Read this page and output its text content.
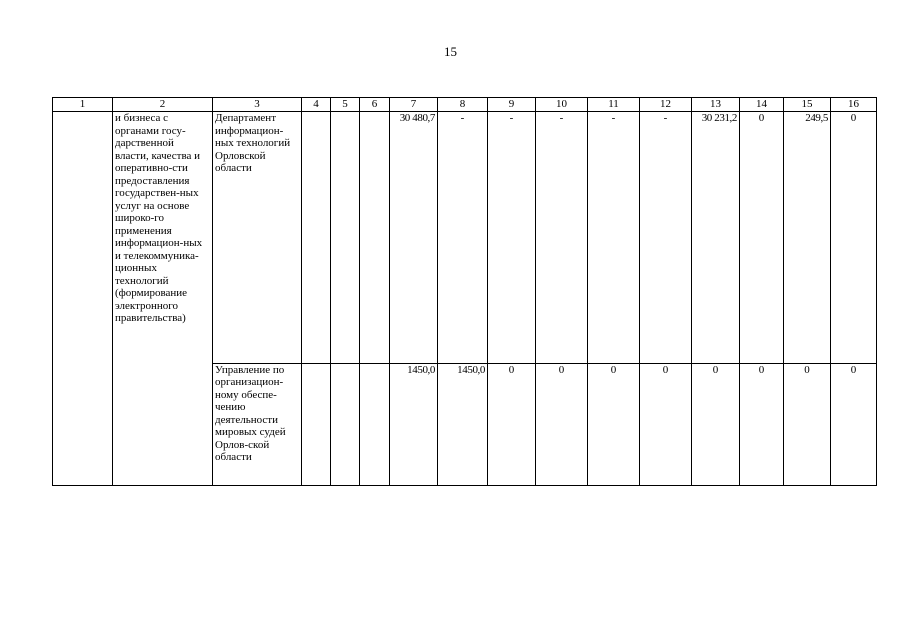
15
1	2	3	4	5	6	7	8	9	10	11	12	13	14	15	16
	и бизнеса с органами госу-дарственной власти, качества и оперативно-сти предоставления государствен-ных услуг на основе широко-го применения информацион-ных и телекоммуника-ционных технологий (формирование электронного правительства)	Департамент информацион-ных технологий Орловской области				30 480,7	-	-	-	-	-	30 231,2	0	249,5	0
		Управление по организацион-ному обеспе-чению деятельности мировых судей Орлов-ской области				1450,0	1450,0	0	0	0	0	0	0	0	0
